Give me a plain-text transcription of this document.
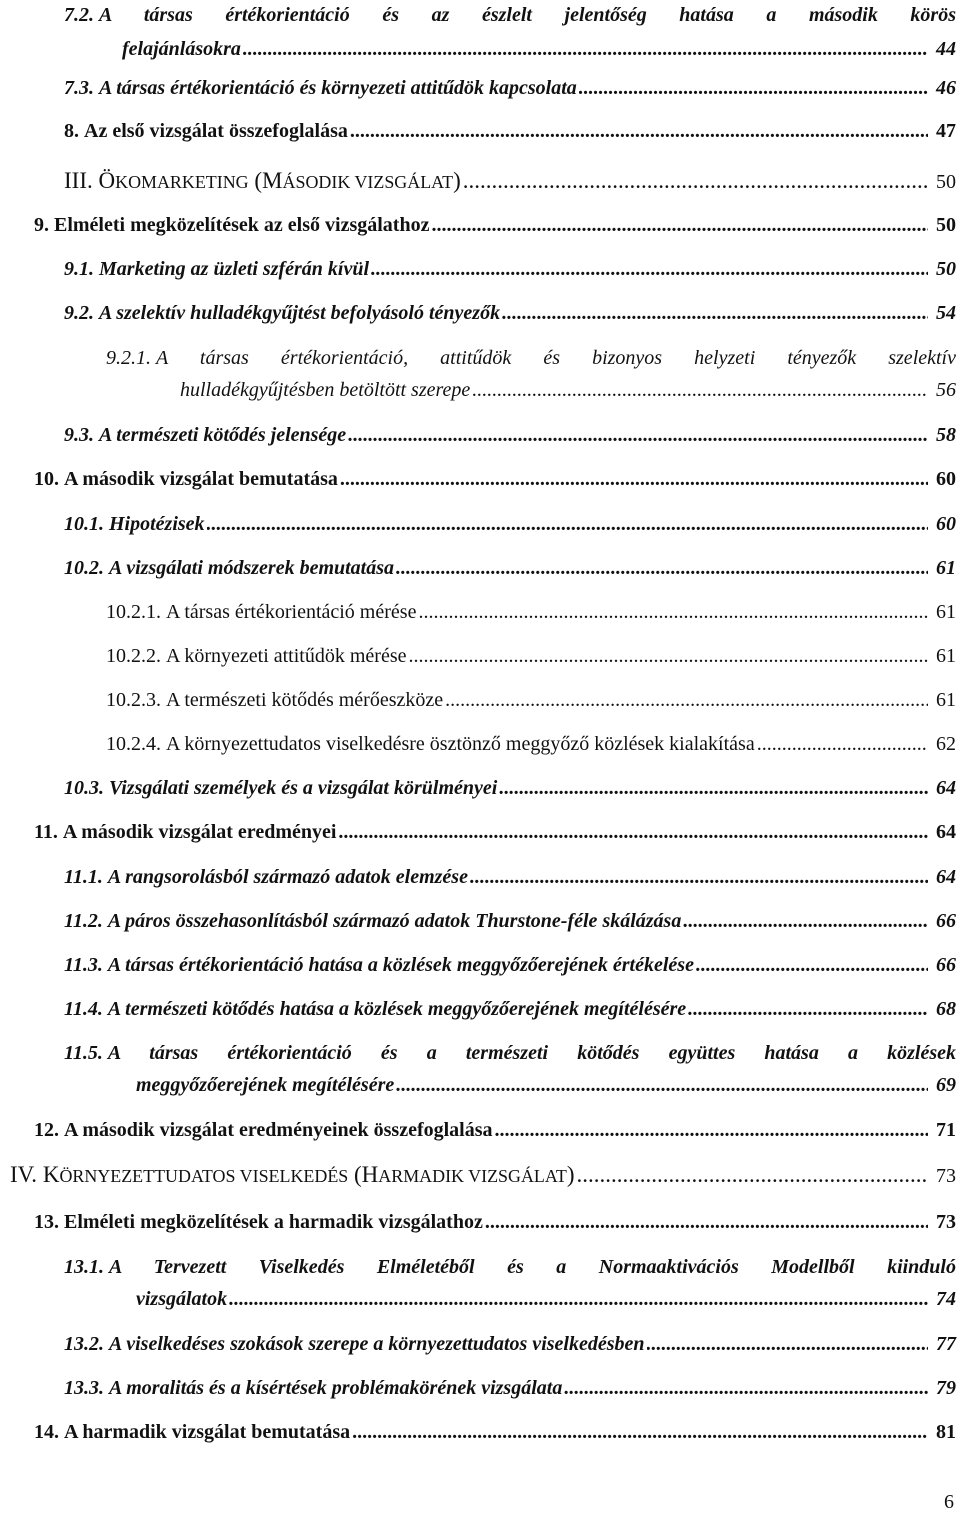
7.2.
A társas értékorientáció és az észlelt jelentőség hatása a második körös
felajánlásokra .....	44
7.3.
A társas értékorientáció és környezeti attitűdök kapcsolata .....	46
8.
Az első vizsgálat összefoglalása .....	47
III.
ÖKOMARKETING (MÁSODIK VIZSGÁLAT) .....	50
9.
Elméleti megközelítések az első vizsgálathoz .....	50
9.1.
Marketing az üzleti szférán kívül .....	50
9.2.
A szelektív hulladékgyűjtést befolyásoló tényezők .....	54
9.2.1.
A társas értékorientáció, attitűdök és bizonyos helyzeti tényezők szelektív
hulladékgyűjtésben betöltött szerepe .....	56
9.3.
A természeti kötődés jelensége .....	58
10.
A második vizsgálat bemutatása .....	60
10.1.
Hipotézisek .....	60
10.2.
A vizsgálati módszerek bemutatása .....	61
10.2.1.
A társas értékorientáció mérése .....	61
10.2.2.
A környezeti attitűdök mérése .....	61
10.2.3.
A természeti kötődés mérőeszköze .....	61
10.2.4.
A környezettudatos viselkedésre ösztönző meggyőző közlések kialakítása .....	62
10.3.
Vizsgálati személyek és a vizsgálat körülményei .....	64
11.
A második vizsgálat eredményei .....	64
11.1.
A rangsorolásból származó adatok elemzése .....	64
11.2.
A páros összehasonlításból származó adatok Thurstone-féle skálázása .....	66
11.3.
A társas értékorientáció hatása a közlések meggyőzőerejének értékelése .....	66
11.4.
A természeti kötődés hatása a közlések meggyőzőerejének megítélésére .....	68
11.5.
A társas értékorientáció és a természeti kötődés együttes hatása a közlések
meggyőzőerejének megítélésére .....	69
12.
A második vizsgálat eredményeinek összefoglalása .....	71
IV.
KÖRNYEZETTUDATOS VISELKEDÉS (HARMADIK VIZSGÁLAT) .....	73
13.
Elméleti megközelítések a harmadik vizsgálathoz .....	73
13.1.
A Tervezett Viselkedés Elméletéből és a Normaaktivációs Modellből kiinduló
vizsgálatok .....	74
13.2.
A viselkedéses szokások szerepe a környezettudatos viselkedésben .....	77
13.3.
A moralitás és a kísértések problémakörének vizsgálata .....	79
14.
A harmadik vizsgálat bemutatása .....	81
6
